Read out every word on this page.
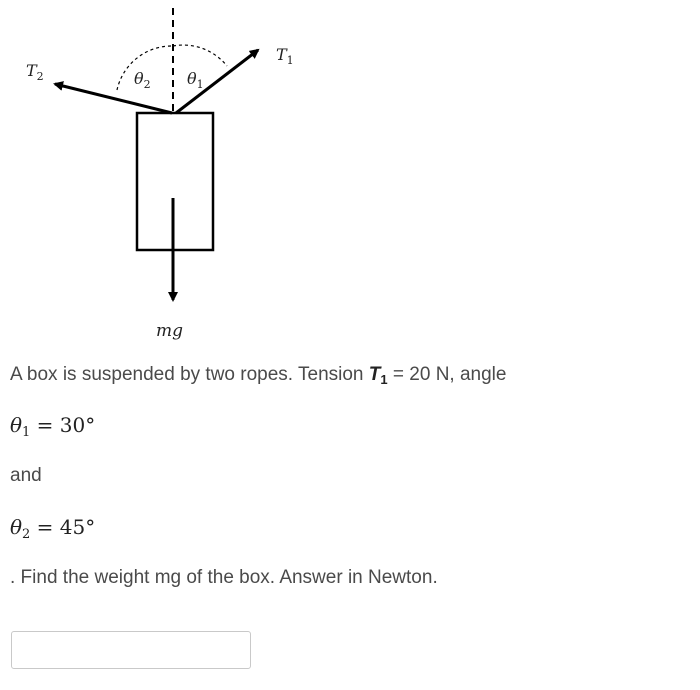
$T_1$
$T_2$	$\theta_2$ $\theta_1$
mg
A box is suspended by two ropes. Tension $T_1 = 20$ N, angle
$\theta_1 = 30^\circ$
and
$\theta_2 = 45^\circ$
. Find the weight mg of the box. Answer in Newton.
